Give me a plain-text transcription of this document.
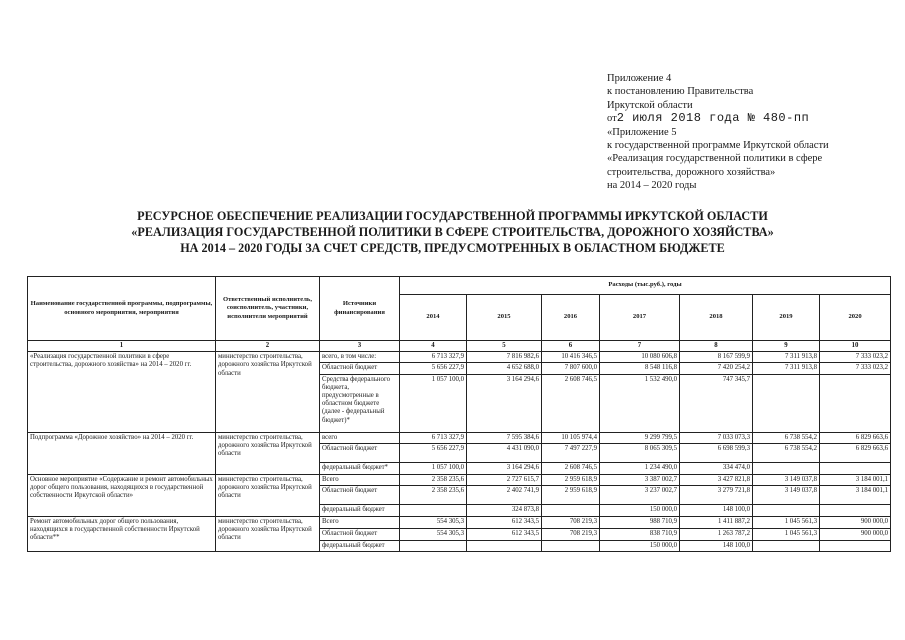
Приложение 4
к постановлению Правительства
Иркутской области
от2 июля 2018 года № 480-пп
«Приложение 5
к государственной программе Иркутской области
«Реализация государственной политики в сфере
строительства, дорожного хозяйства»
на 2014 – 2020 годы
РЕСУРСНОЕ ОБЕСПЕЧЕНИЕ РЕАЛИЗАЦИИ ГОСУДАРСТВЕННОЙ ПРОГРАММЫ ИРКУТСКОЙ ОБЛАСТИ
«РЕАЛИЗАЦИЯ ГОСУДАРСТВЕННОЙ ПОЛИТИКИ В СФЕРЕ СТРОИТЕЛЬСТВА, ДОРОЖНОГО ХОЗЯЙСТВА»
НА 2014 – 2020 ГОДЫ ЗА СЧЕТ СРЕДСТВ, ПРЕДУСМОТРЕННЫХ В ОБЛАСТНОМ БЮДЖЕТЕ
Наименование государственной программы, подпрограммы, основного мероприятия, мероприятия	Ответственный исполнитель, соисполнитель, участники, исполнители мероприятий	Источники финансирования	Расходы (тыс.руб.), годы						
			2014	2015	2016	2017	2018	2019	2020
1	2	3	4	5	6	7	8	9	10
«Реализация государственной политики в сфере строительства, дорожного хозяйства» на 2014 – 2020 гг.	министерство строительства, дорожного хозяйства Иркутской области	всего, в том числе:	6 713 327,9	7 816 982,6	10 416 346,5	10 080 606,8	8 167 599,9	7 311 913,8	7 333 023,2
		Областной бюджет	5 656 227,9	4 652 688,0	7 807 600,0	8 548 116,8	7 420 254,2	7 311 913,8	7 333 023,2
		Средства федерального бюджета, предусмотренные в областном бюджете (далее - федеральный бюджет)*	1 057 100,0	3 164 294,6	2 608 746,5	1 532 490,0	747 345,7		
Подпрограмма «Дорожное хозяйство» на 2014 – 2020 гг.	министерство строительства, дорожного хозяйства Иркутской области	всего	6 713 327,9	7 595 384,6	10 105 974,4	9 299 799,5	7 033 073,3	6 738 554,2	6 829 663,6
		Областной бюджет	5 656 227,9	4 431 090,0	7 497 227,9	8 065 309,5	6 698 599,3	6 738 554,2	6 829 663,6
		федеральный бюджет*	1 057 100,0	3 164 294,6	2 608 746,5	1 234 490,0	334 474,0		
Основное мероприятие «Содержание и ремонт автомобильных дорог общего пользования, находящихся в государственной собственности Иркутской области»	министерство строительства, дорожного хозяйства Иркутской области	Всего	2 358 235,6	2 727 615,7	2 959 618,9	3 387 002,7	3 427 821,8	3 149 037,8	3 184 001,1
		Областной бюджет	2 358 235,6	2 402 741,9	2 959 618,9	3 237 002,7	3 279 721,8	3 149 037,8	3 184 001,1
		федеральный бюджет		324 873,8		150 000,0	148 100,0		
Ремонт автомобильных дорог общего пользования, находящихся в государственной собственности Иркутской области**	министерство строительства, дорожного хозяйства Иркутской области	Всего	554 305,3	612 343,5	708 219,3	988 710,9	1 411 887,2	1 045 561,3	900 000,0
		Областной бюджет	554 305,3	612 343,5	708 219,3	838 710,9	1 263 787,2	1 045 561,3	900 000,0
		федеральный бюджет				150 000,0	148 100,0		
